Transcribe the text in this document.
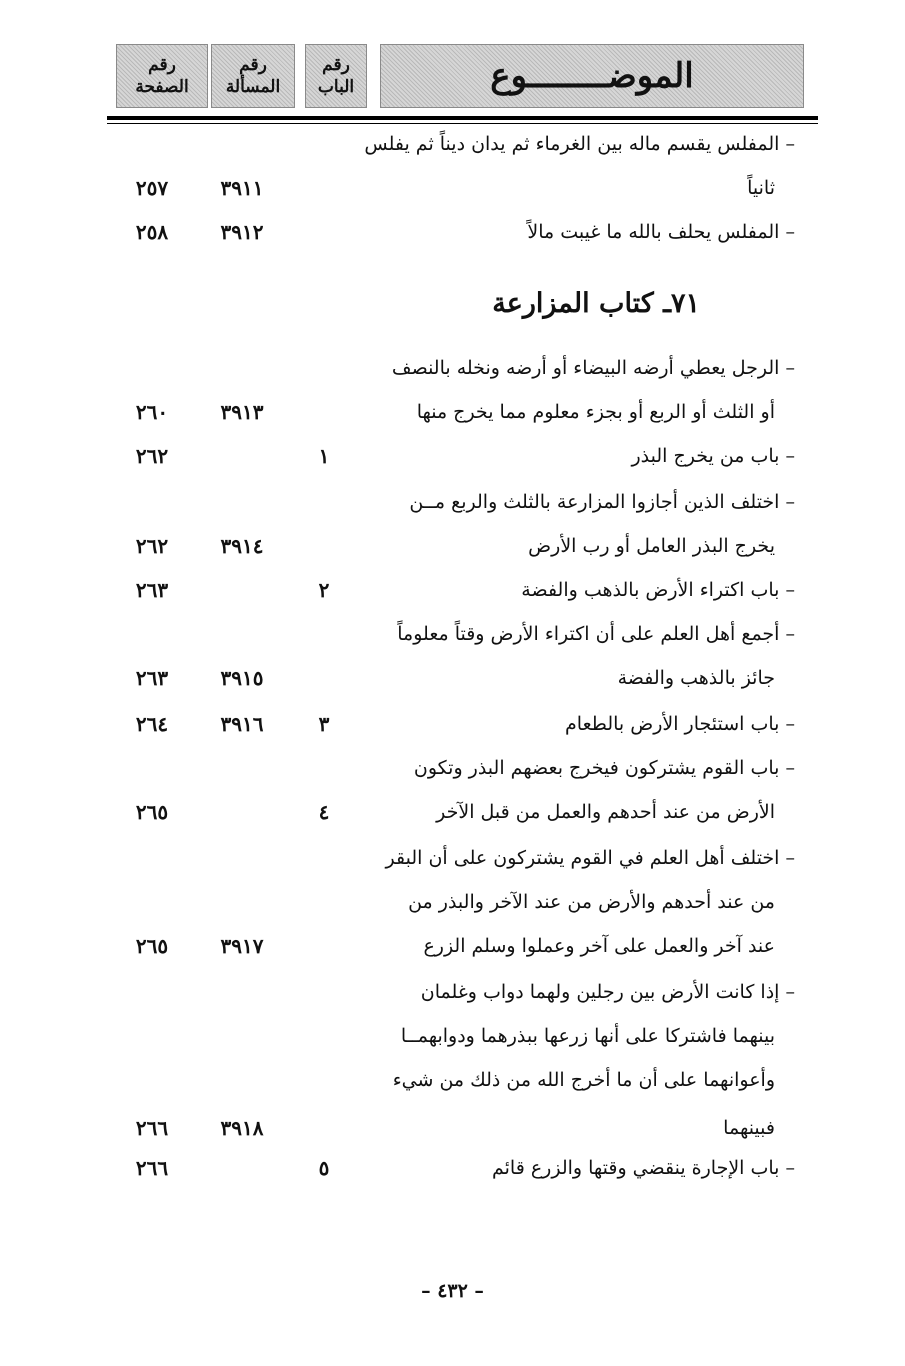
رقم
الصفحة
رقم
المسألة
رقم
الباب	الموضــــــــوع
– المفلس يقسم ماله بين الغرماء ثم يدان ديناً ثم يفلس
ثانياً
٣٩١١
٢٥٧
– المفلس يحلف بالله ما غيبت مالاً
٣٩١٢
٢٥٨
٧١ـ كتاب المزارعة
– الرجل يعطي أرضه البيضاء أو أرضه ونخله بالنصف
أو الثلث أو الربع أو بجزء معلوم مما يخرج منها
٣٩١٣
٢٦٠
– باب من يخرج البذر
١
٢٦٢
– اختلف الذين أجازوا المزارعة بالثلث والربع مــن
يخرج البذر العامل أو رب الأرض
٣٩١٤
٢٦٢
– باب اكتراء الأرض بالذهب والفضة
٢
٢٦٣
– أجمع أهل العلم على أن اكتراء الأرض وقتاً معلوماً
جائز بالذهب والفضة
٣٩١٥
٢٦٣
– باب استئجار الأرض بالطعام
٣
٣٩١٦
٢٦٤
– باب القوم يشتركون فيخرج بعضهم البذر وتكون
الأرض من عند أحدهم والعمل من قبل الآخر
٤
٢٦٥
– اختلف أهل العلم في القوم يشتركون على أن البقر
من عند أحدهم والأرض من عند الآخر والبذر من
عند آخر والعمل على آخر وعملوا وسلم الزرع
٣٩١٧
٢٦٥
– إذا كانت الأرض بين رجلين ولهما دواب وغلمان
بينهما فاشتركا على أنها زرعها ببذرهما ودوابهمــا
وأعوانهما على أن ما أخرج الله من ذلك من شيء
فبينهما
٣٩١٨
٢٦٦
– باب الإجارة ينقضي وقتها والزرع قائم
٥
٢٦٦
– ٤٣٢ –
